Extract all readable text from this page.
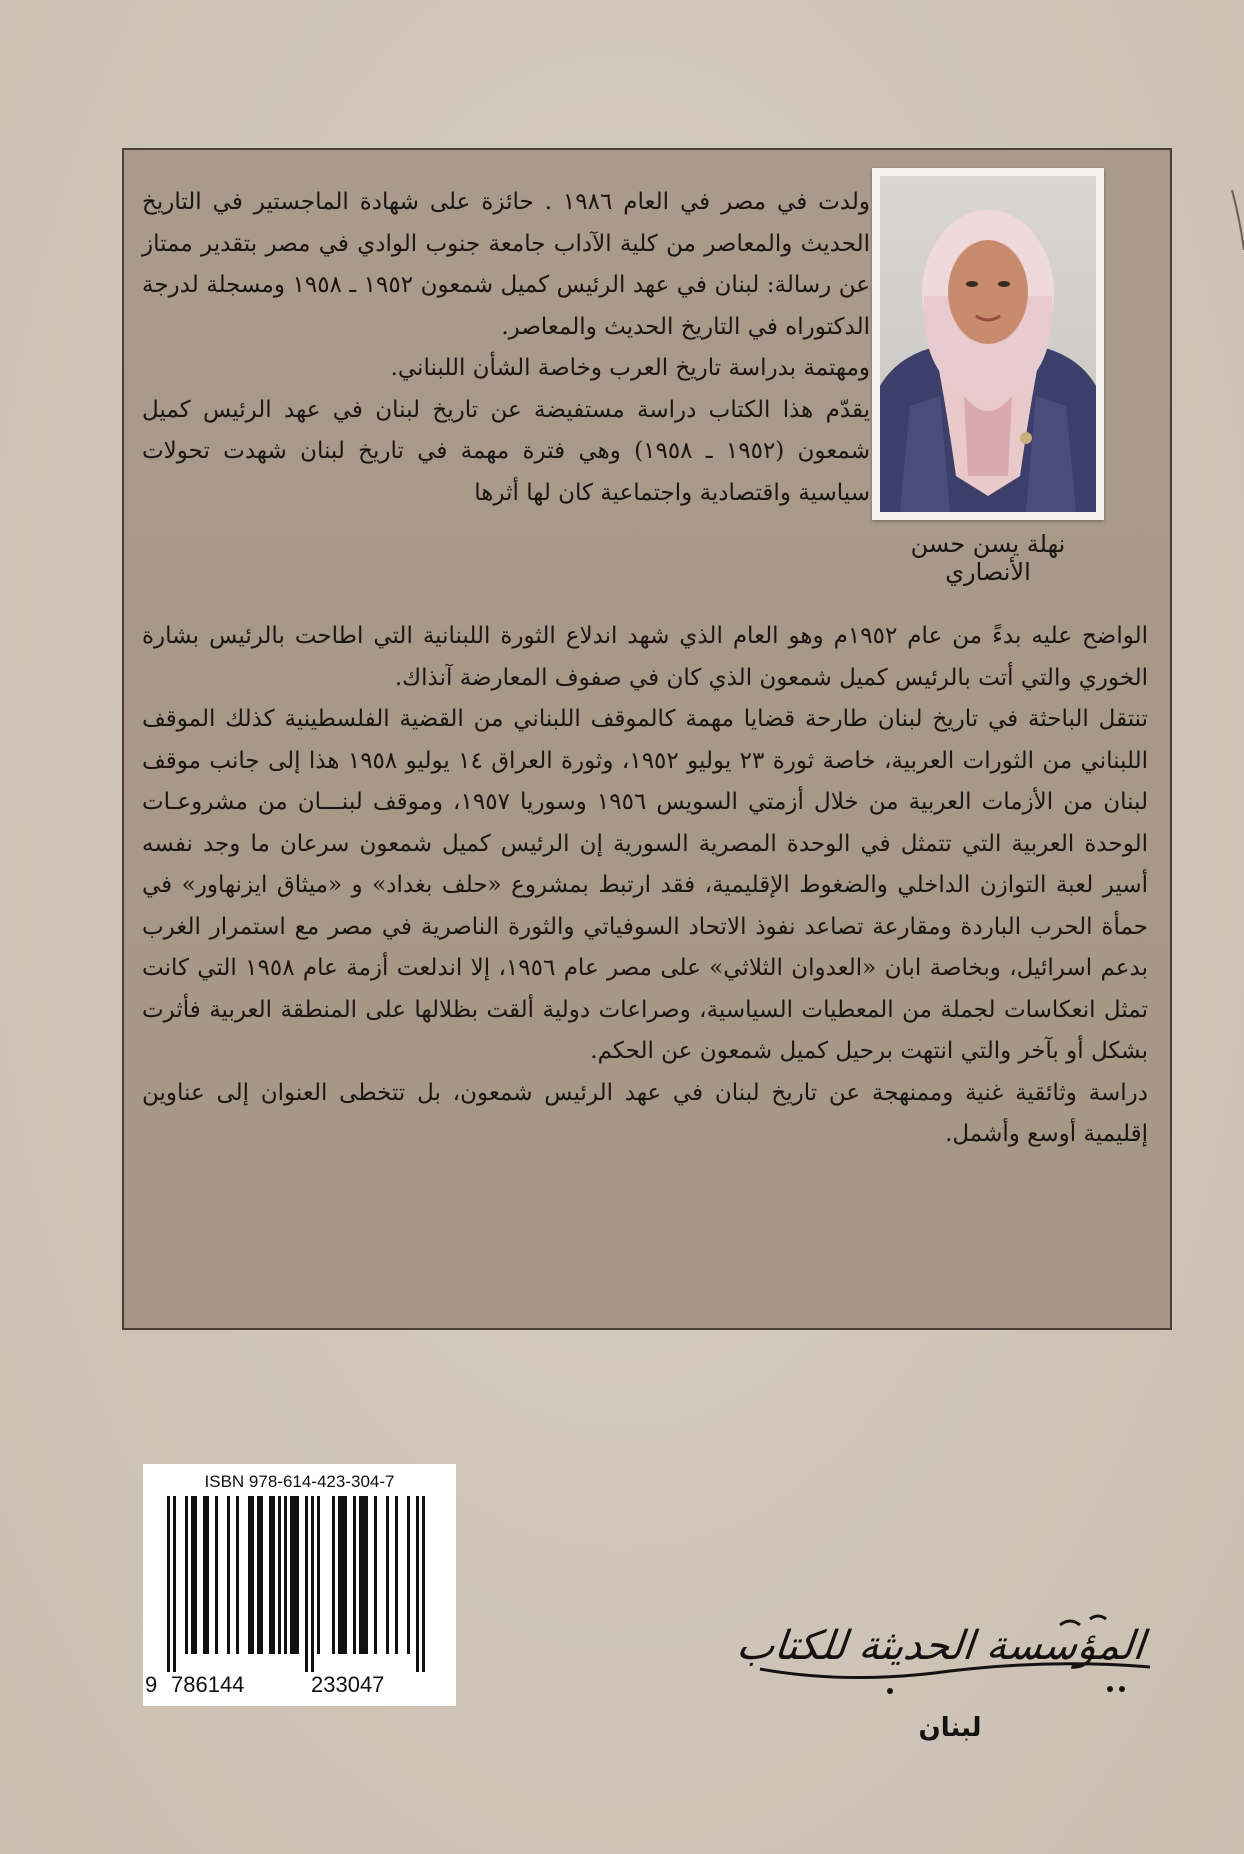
نهلة يسن حسن الأنصاري

ولدت في مصر في العام ١٩٨٦ . حائزة على شهادة الماجستير في التاريخ الحديث والمعاصر من كلية الآداب جامعة جنوب الوادي في مصر بتقدير ممتاز عن رسالة: لبنان في عهد الرئيس كميل شمعون ١٩٥٢ ـ ١٩٥٨ ومسجلة لدرجة الدكتوراه في التاريخ الحديث والمعاصر.

ومهتمة بدراسة تاريخ العرب وخاصة الشأن اللبناني.

يقدّم هذا الكتاب دراسة مستفيضة عن تاريخ لبنان في عهد الرئيس كميل شمعون (١٩٥٢ ـ ١٩٥٨) وهي فترة مهمة في تاريخ لبنان شهدت تحولات سياسية واقتصادية واجتماعية كان لها أثرها

الواضح عليه بدءً من عام ١٩٥٢م وهو العام الذي شهد اندلاع الثورة اللبنانية التي اطاحت بالرئيس بشارة الخوري والتي أتت بالرئيس كميل شمعون الذي كان في صفوف المعارضة آنذاك.

تنتقل الباحثة في تاريخ لبنان طارحة قضايا مهمة كالموقف اللبناني من القضية الفلسطينية كذلك الموقف اللبناني من الثورات العربية، خاصة ثورة ٢٣ يوليو ١٩٥٢، وثورة العراق ١٤ يوليو ١٩٥٨ هذا إلى جانب موقف لبنان من الأزمات العربية من خلال أزمتي السويس ١٩٥٦ وسوريا ١٩٥٧، وموقف لبنـــان من مشروعـات الوحدة العربية التي تتمثل في الوحدة المصرية السورية إن الرئيس كميل شمعون سرعان ما وجد نفسه أسير لعبة التوازن الداخلي والضغوط الإقليمية، فقد ارتبط بمشروع «حلف بغداد» و «ميثاق ايزنهاور» في حمأة الحرب الباردة ومقارعة تصاعد نفوذ الاتحاد السوفياتي والثورة الناصرية في مصر مع استمرار الغرب بدعم اسرائيل، وبخاصة ابان «العدوان الثلاثي» على مصر عام ١٩٥٦، إلا اندلعت أزمة عام ١٩٥٨ التي كانت تمثل انعكاسات لجملة من المعطيات السياسية، وصراعات دولية ألقت بظلالها على المنطقة العربية فأثرت بشكل أو بآخر والتي انتهت برحيل كميل شمعون عن الحكم.

دراسة وثائقية غنية وممنهجة عن تاريخ لبنان في عهد الرئيس شمعون، بل تتخطى العنوان إلى عناوين إقليمية أوسع وأشمل.

ISBN 978-614-423-304-7
9 786144	233047
المؤسسة الحديثة للكتاب
لبنان
